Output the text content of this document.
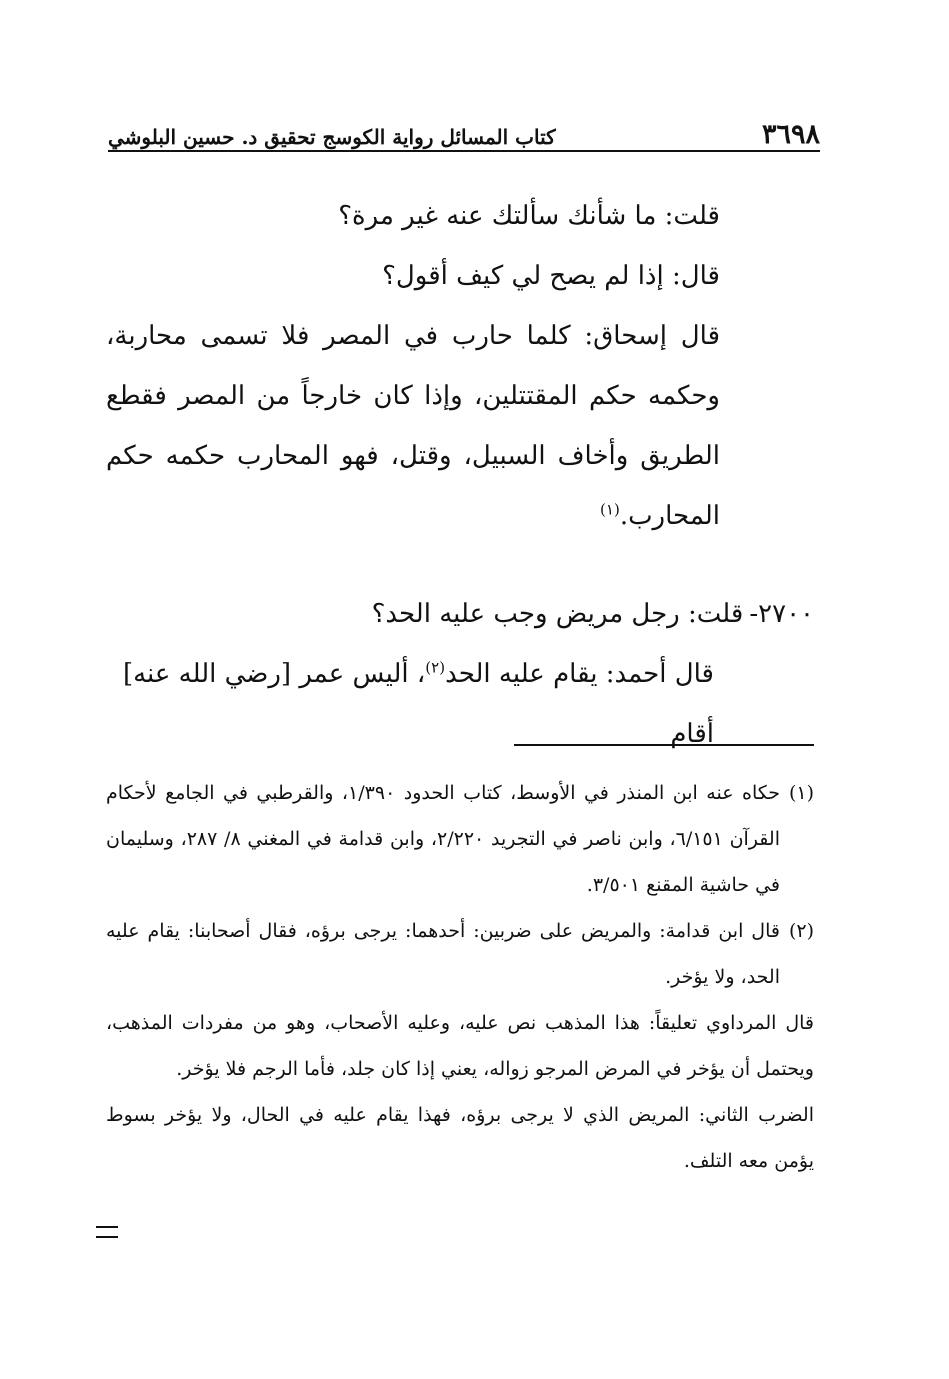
٣٦٩٨
كتاب المسائل رواية الكوسج تحقيق د. حسين البلوشي

قلت: ما شأنك سألتك عنه غير مرة؟

قال: إذا لم يصح لي كيف أقول؟

قال إسحاق: كلما حارب في المصر فلا تسمى محاربة، وحكمه حكم المقتتلين، وإذا كان خارجاً من المصر فقطع الطريق وأخاف السبيل، وقتل، فهو المحارب حكمه حكم المحارب.$^{(١)}$

٢٧٠٠-قلت: رجل مريض وجب عليه الحد؟

قال أحمد: يقام عليه الحد$^{(٢)}$، أليس عمر [رضي الله عنه] أقام

(١)

حكاه عنه ابن المنذر في الأوسط، كتاب الحدود ١/٣٩٠، والقرطبي في الجامع لأحكام القرآن ٦/١٥١، وابن ناصر في التجريد ٢/٢٢٠، وابن قدامة في المغني ٨/ ٢٨٧، وسليمان في حاشية المقنع ٣/٥٠١.

(٢)

قال ابن قدامة: والمريض على ضربين: أحدهما: يرجى برؤه، فقال أصحابنا: يقام عليه الحد، ولا يؤخر.

قال المرداوي تعليقاً: هذا المذهب نص عليه، وعليه الأصحاب، وهو من مفردات المذهب، ويحتمل أن يؤخر في المرض المرجو زواله، يعني إذا كان جلد، فأما الرجم فلا يؤخر.

الضرب الثاني: المريض الذي لا يرجى برؤه، فهذا يقام عليه في الحال، ولا يؤخر بسوط يؤمن معه التلف.
